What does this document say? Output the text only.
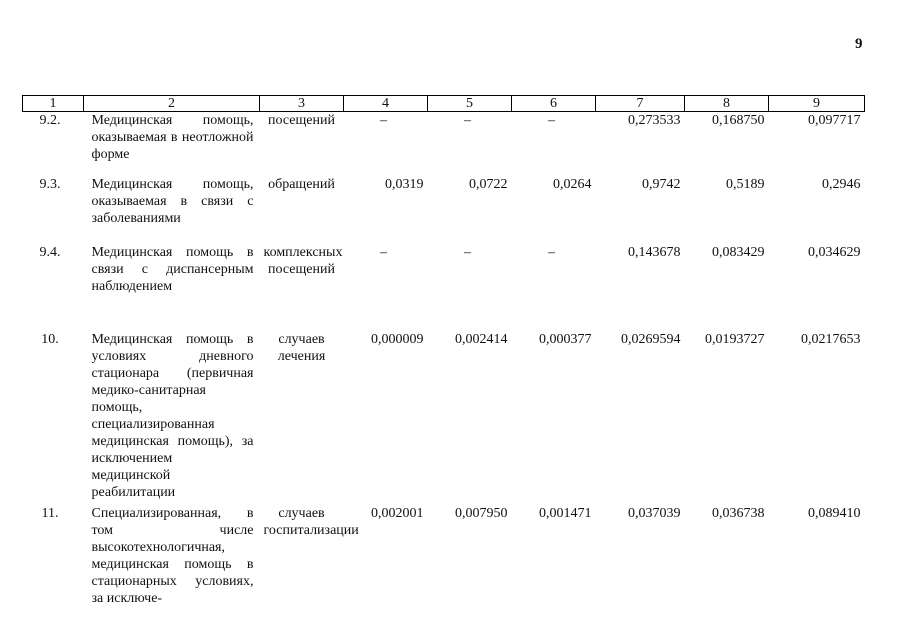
9
1	2	3	4	5	6	7	8	9
9.2.	Медицинская помощь, оказываемая в неотложной форме	посещений	–	–	–	0,273533	0,168750	0,097717
9.3.	Медицинская помощь, оказываемая в связи с заболеваниями	обращений	0,0319	0,0722	0,0264	0,9742	0,5189	0,2946
9.4.	Медицинская помощь в связи с диспансерным наблюдением	комплексных посещений	–	–	–	0,143678	0,083429	0,034629
10.	Медицинская помощь в условиях дневного стационара (первичная медико-санитарная помощь, специализированная медицинская помощь), за исключением медицинской реабилитации	случаев лечения	0,000009	0,002414	0,000377	0,0269594	0,0193727	0,0217653
11.	Специализированная, в том числе высокотехнологичная, медицинская помощь в стационарных условиях, за исключе-	случаев госпитализации	0,002001	0,007950	0,001471	0,037039	0,036738	0,089410
